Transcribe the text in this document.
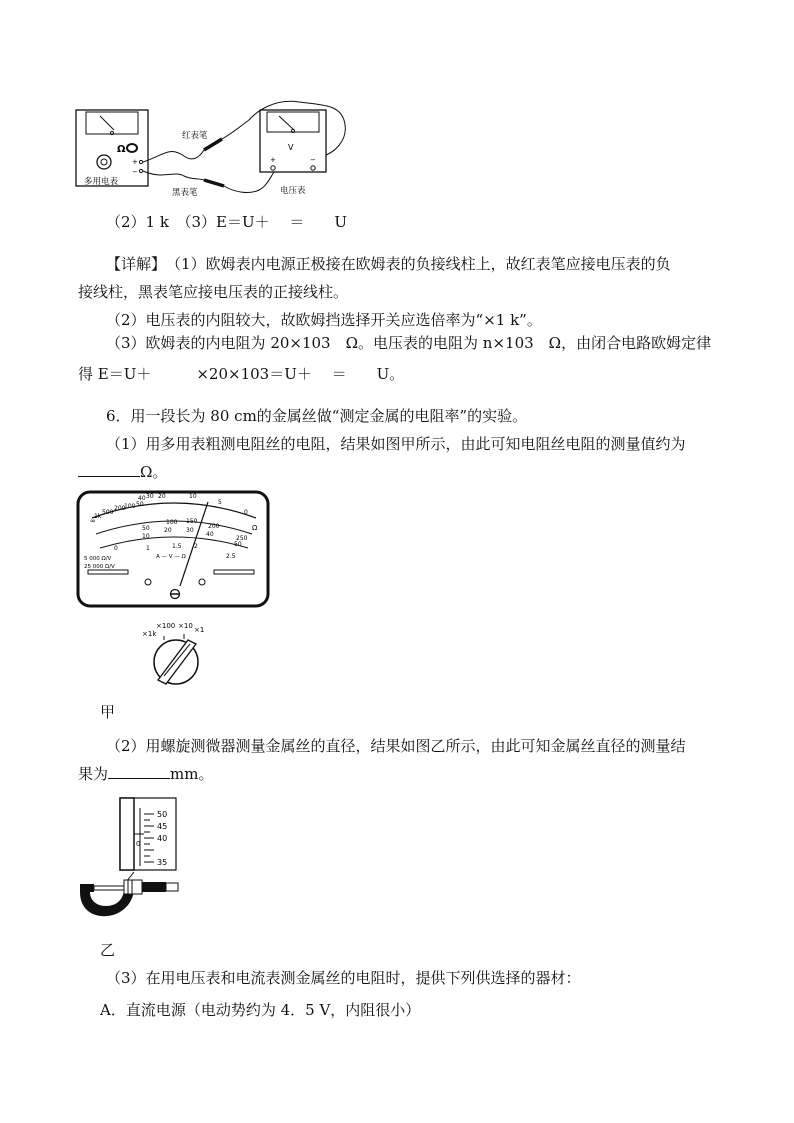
Ω
+
−
多用电表
红表笔
黑表笔
V
+	−
电压表
（2）1 k　（3）E＝U＋　 ＝　　U
【详解】　 （1）欧姆表内电源正极接在欧姆表的负接线柱上，故红表笔应接电压表的负
接线柱，黑表笔应接电压表的正接线柱。
（2）电压表的内阻较大，故欧姆挡选择开关应选倍率为“×1 k”。
（3）欧姆表的内电阻为 20×103　Ω。电压表的电阻为 n×103　Ω，由闭合电路欧姆定律
得 E＝U＋　　　×20×103＝U＋　 ＝　　U。
6．用一段长为 80 cm的金属丝做“测定金属的电阻率”的实验。
（1）用多用表粗测电阻丝的电阻，结果如图甲所示，由此可知电阻丝电阻的测量值约为
Ω。
∞
1k
500
200
100 50
40 30 20	10
5
0
Ω
50
100 150
200
250
10
20 30
40
50
0	1	1.5 2
2.5
A — V — Ω
5 000 Ω/V
25 000 Ω/V
×1k
×100 ×10 ×1
甲
（2）用螺旋测微器测量金属丝的直径，结果如图乙所示，由此可知金属丝直径的测量结
果为	mm。
0
50
45
40
35
乙
（3）在用电压表和电流表测金属丝的电阻时，提供下列供选择的器材：
A．直流电源（电动势约为 4．5 V，内阻很小）
